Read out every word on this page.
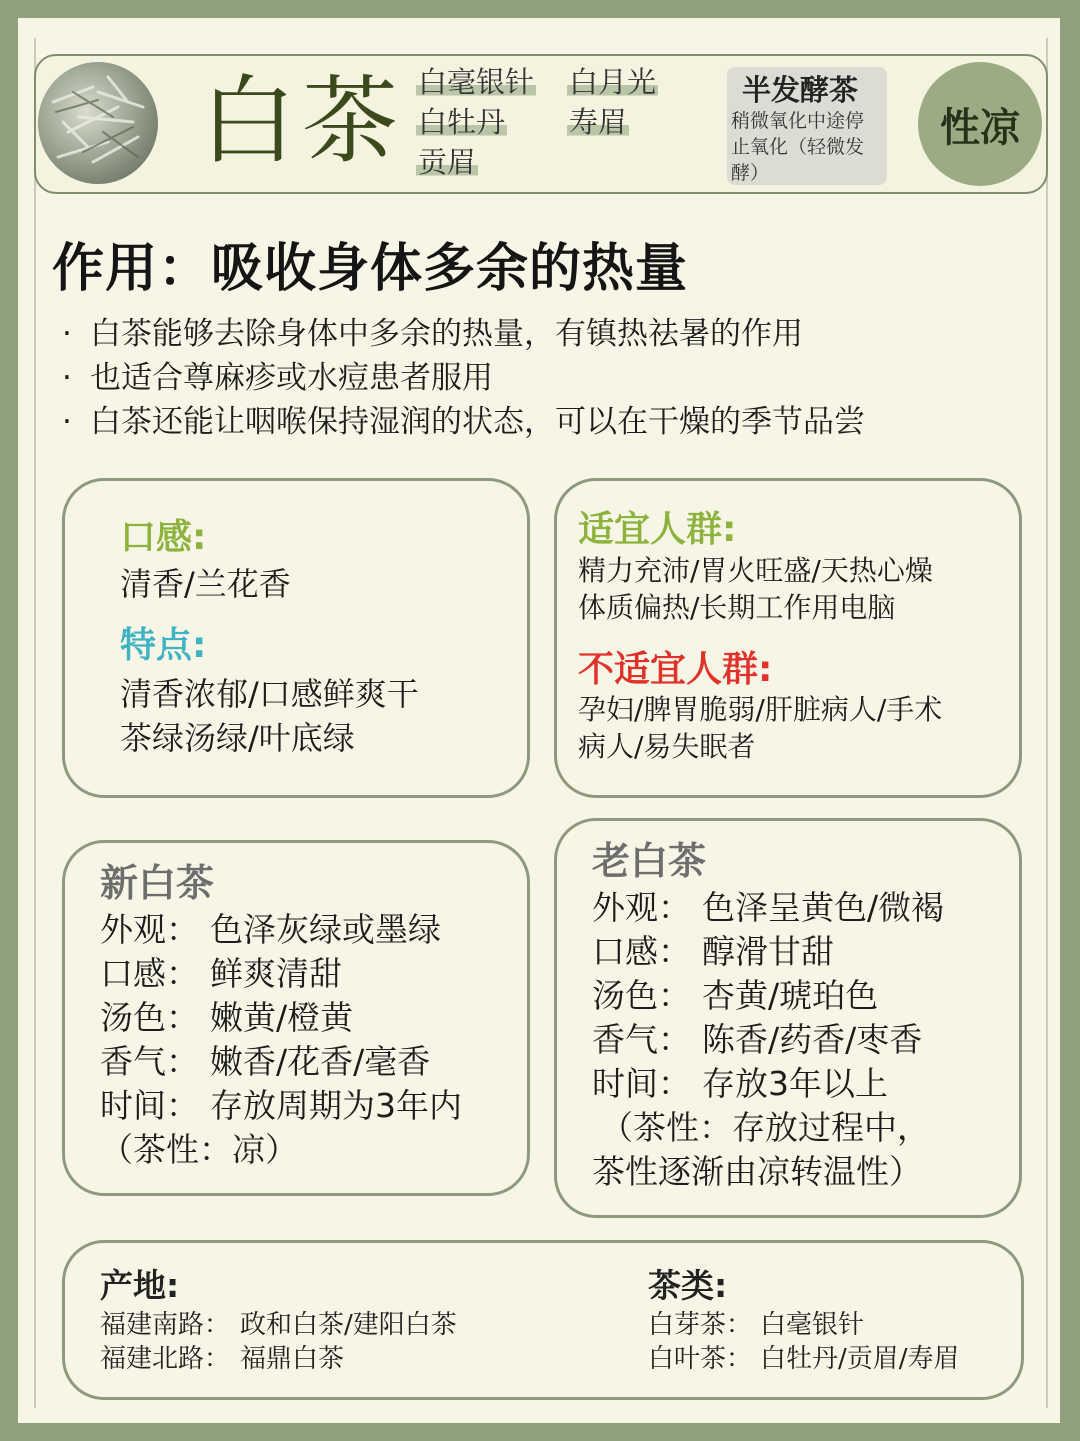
白茶 白毫银针 白月光
白牡丹 寿眉
贡眉
半发酵茶
稍微氧化中途停止氧化（轻微发酵）
性凉
作用：吸收身体多余的热量
· 白茶能够去除身体中多余的热量，有镇热祛暑的作用
· 也适合尊麻疹或水痘患者服用
· 白茶还能让咽喉保持湿润的状态，可以在干燥的季节品尝
口感:
清香/兰花香
特点:
清香浓郁/口感鲜爽干
茶绿汤绿/叶底绿
适宜人群:
精力充沛/胃火旺盛/天热心燥
体质偏热/长期工作用电脑
不适宜人群:
孕妇/脾胃脆弱/肝脏病人/手术
病人/易失眠者
新白茶
外观： 色泽灰绿或墨绿
口感： 鲜爽清甜
汤色： 嫩黄/橙黄
香气： 嫩香/花香/毫香
时间： 存放周期为3年内
（茶性：凉）
老白茶
外观： 色泽呈黄色/微褐
口感： 醇滑甘甜
汤色： 杏黄/琥珀色
香气： 陈香/药香/枣香
时间： 存放3年以上
（茶性：存放过程中，
茶性逐渐由凉转温性）
产地:
福建南路： 政和白茶/建阳白茶
福建北路： 福鼎白茶
茶类:
白芽茶： 白毫银针
白叶茶： 白牡丹/贡眉/寿眉
